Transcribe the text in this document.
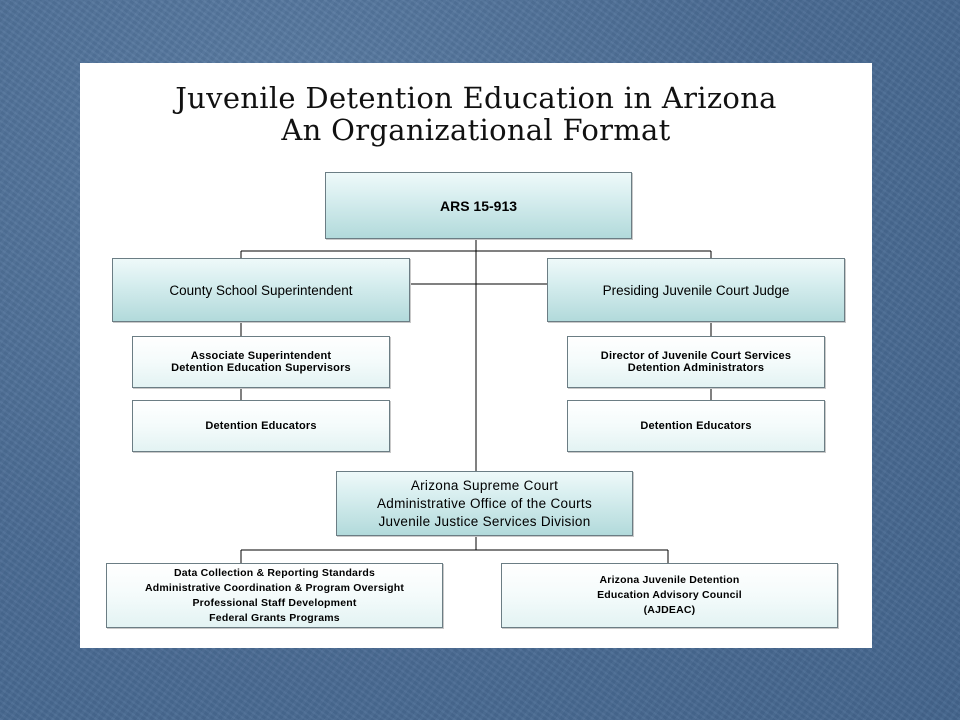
Juvenile Detention Education in Arizona
An Organizational Format
ARS 15-913
County School Superintendent	Presiding Juvenile Court Judge
Associate Superintendent
Detention Education Supervisors
Director of Juvenile Court Services
Detention Administrators
Detention Educators	Detention Educators
Arizona Supreme Court
Administrative Office of the Courts
Juvenile Justice Services Division
Data Collection & Reporting Standards
Administrative Coordination & Program Oversight
Professional Staff Development
Federal Grants Programs
Arizona Juvenile Detention
Education Advisory Council
(AJDEAC)
